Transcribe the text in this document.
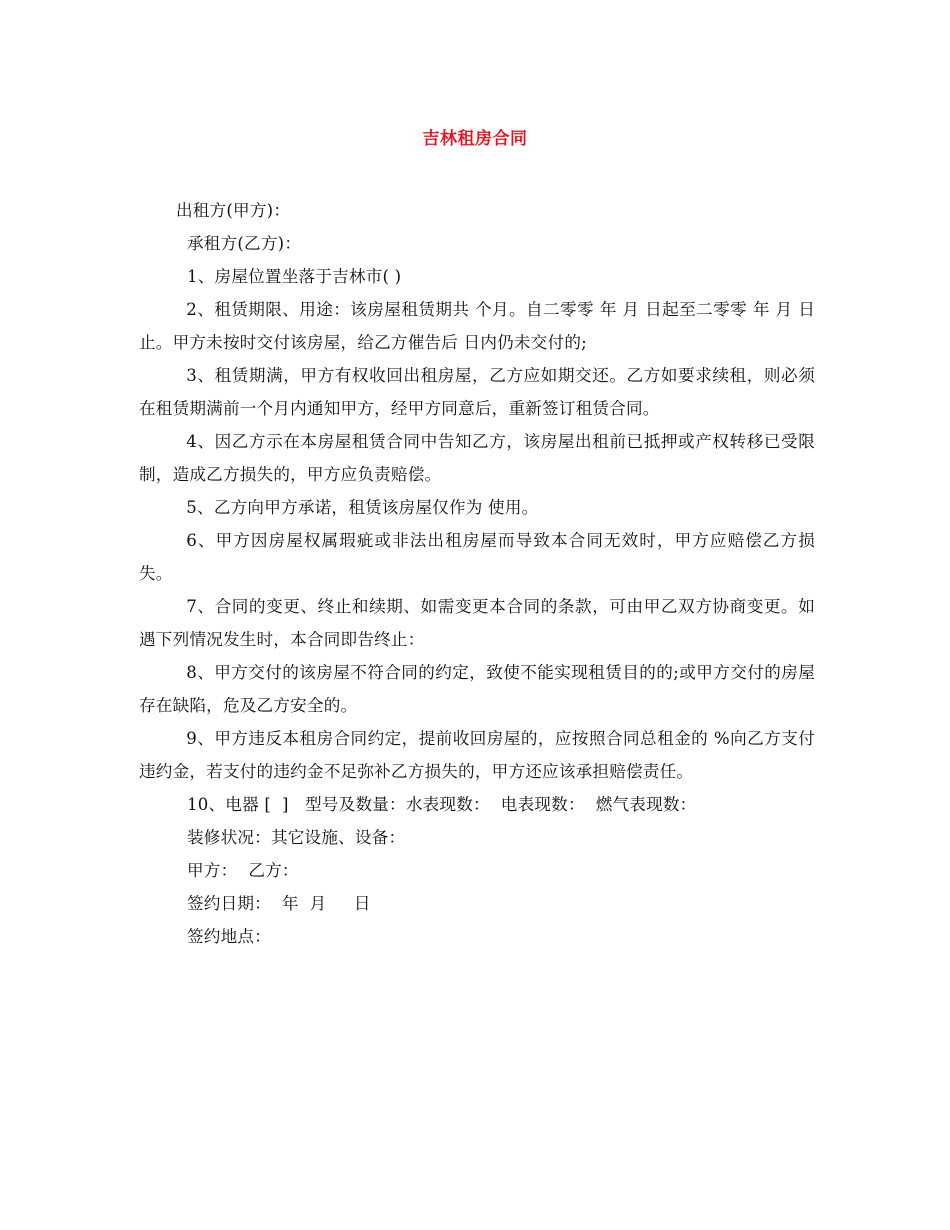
吉林租房合同

出租方(甲方)：

承租方(乙方)：

1、房屋位置坐落于吉林市( )

2、租赁期限、用途：该房屋租赁期共 个月。自二零零 年 月 日起至二零零 年 月 日止。甲方未按时交付该房屋，给乙方催告后 日内仍未交付的;

3、租赁期满，甲方有权收回出租房屋，乙方应如期交还。乙方如要求续租，则必须在租赁期满前一个月内通知甲方，经甲方同意后，重新签订租赁合同。

4、因乙方示在本房屋租赁合同中告知乙方，该房屋出租前已抵押或产权转移已受限制，造成乙方损失的，甲方应负责赔偿。

5、乙方向甲方承诺，租赁该房屋仅作为 使用。

6、甲方因房屋权属瑕疵或非法出租房屋而导致本合同无效时，甲方应赔偿乙方损失。

7、合同的变更、终止和续期、如需变更本合同的条款，可由甲乙双方协商变更。如遇下列情况发生时，本合同即告终止：

8、甲方交付的该房屋不符合同的约定，致使不能实现租赁目的的;或甲方交付的房屋存在缺陷，危及乙方安全的。

9、甲方违反本租房合同约定，提前收回房屋的，应按照合同总租金的 %向乙方支付违约金，若支付的违约金不足弥补乙方损失的，甲方还应该承担赔偿责任。

10、电器 [  ]   型号及数量：水表现数：  电表现数：  燃气表现数：

装修状况：其它设施、设备：

甲方：  乙方：

签约日期：  年  月     日

签约地点：
